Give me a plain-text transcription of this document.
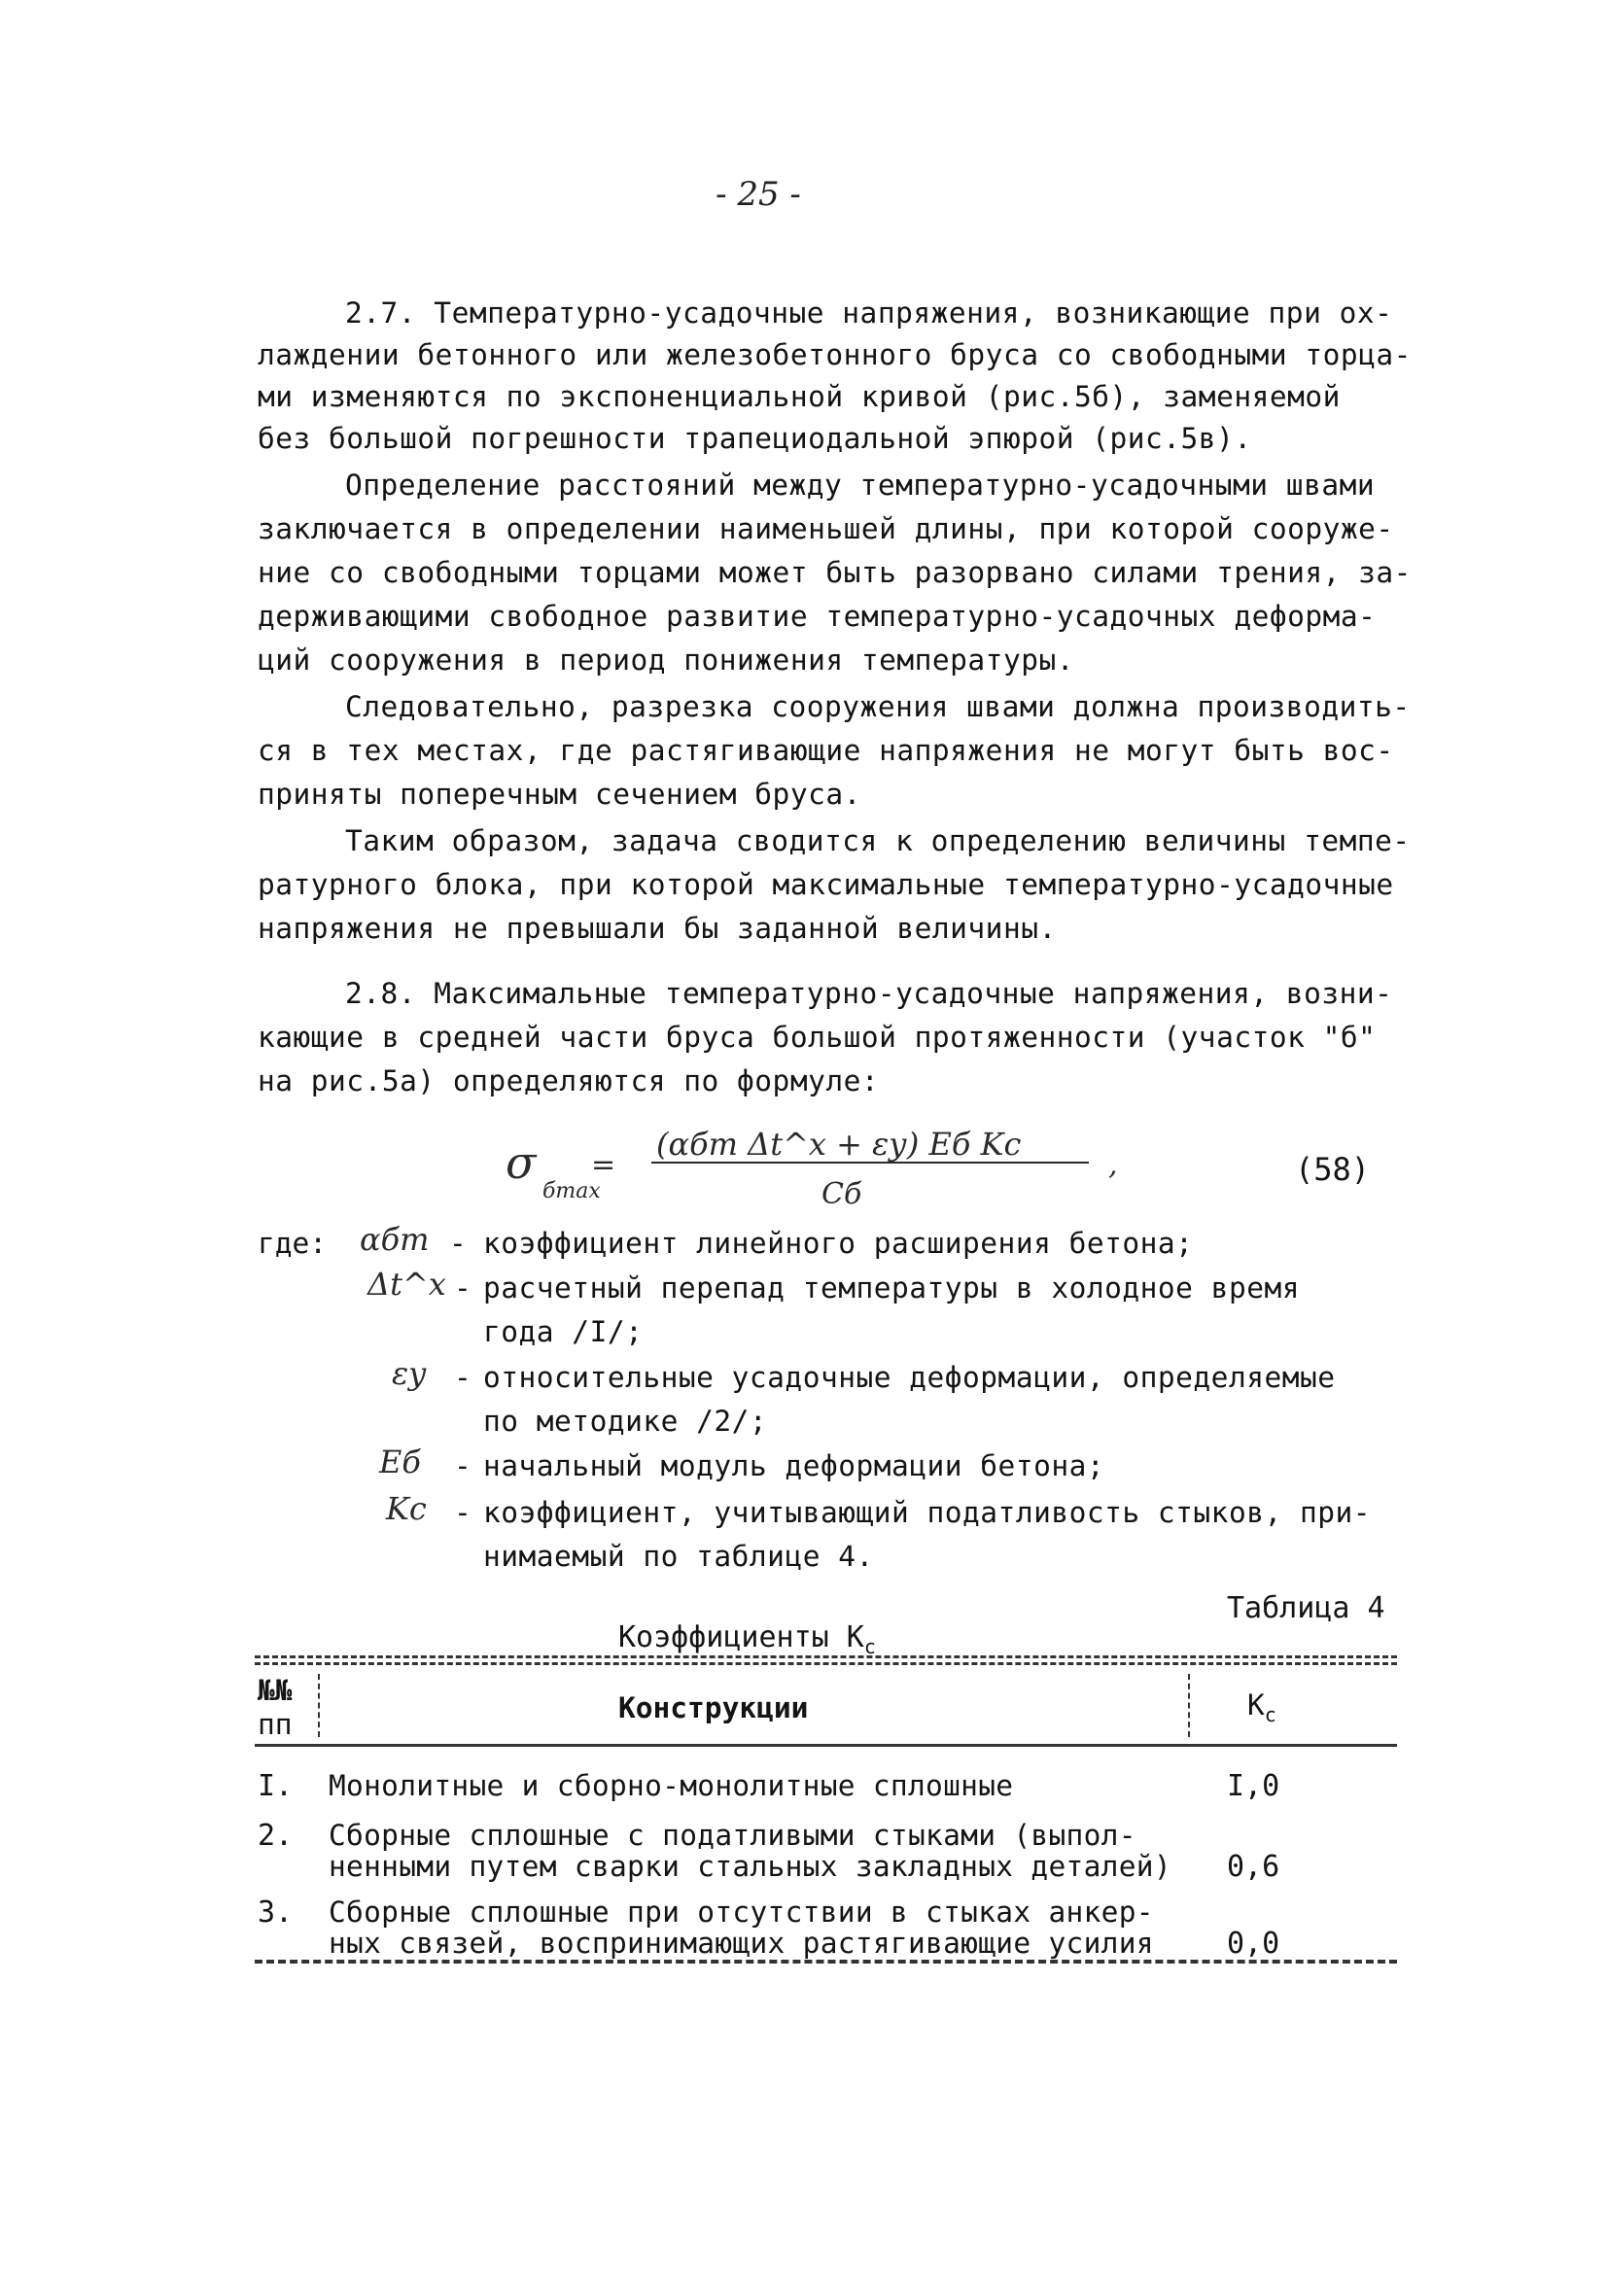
- 25 -
2.7. Температурно-усадочные напряжения, возникающие при ох-
лаждении бетонного или железобетонного бруса со свободными торца-
ми изменяются по экспоненциальной кривой (рис.5б), заменяемой
без большой погрешности трапециодальной эпюрой (рис.5в).
Определение расстояний между температурно-усадочными швами
заключается в определении наименьшей длины, при которой сооруже-
ние со свободными торцами может быть разорвано силами трения, за-
держивающими свободное развитие температурно-усадочных деформа-
ций сооружения в период понижения температуры.
Следовательно, разрезка сооружения швами должна производить-
ся в тех местах, где растягивающие напряжения не могут быть вос-
приняты поперечным сечением бруса.
Таким образом, задача сводится к определению величины темпе-
ратурного блока, при которой максимальные температурно-усадочные
напряжения не превышали бы заданной величины.
2.8. Максимальные температурно-усадочные напряжения, возни-
кающие в средней части бруса большой протяженности (участок "б"
на рис.5а) определяются по формуле:
σ
бmax
=
(αбт Δt^x + εу) Eб Kc
Cб
,	(58)
где: αбт - коэффициент линейного расширения бетона;
Δt^x - расчетный перепад температуры в холодное время
года /I/;
εу - относительные усадочные деформации, определяемые
по методике /2/;
Eб - начальный модуль деформации бетона;
Kc - коэффициент, учитывающий податливость стыков, при-
нимаемый по таблице 4.
Таблица 4
Коэффициенты $К_с$
№№
пп	Конструкции	$К_с$
I. Монолитные и сборно-монолитные сплошные	I,0
2. Сборные сплошные с податливыми стыками (выпол-
ненными путем сварки стальных закладных деталей) 0,6
3. Сборные сплошные при отсутствии в стыках анкер-
ных связей, воспринимающих растягивающие усилия	0,0
